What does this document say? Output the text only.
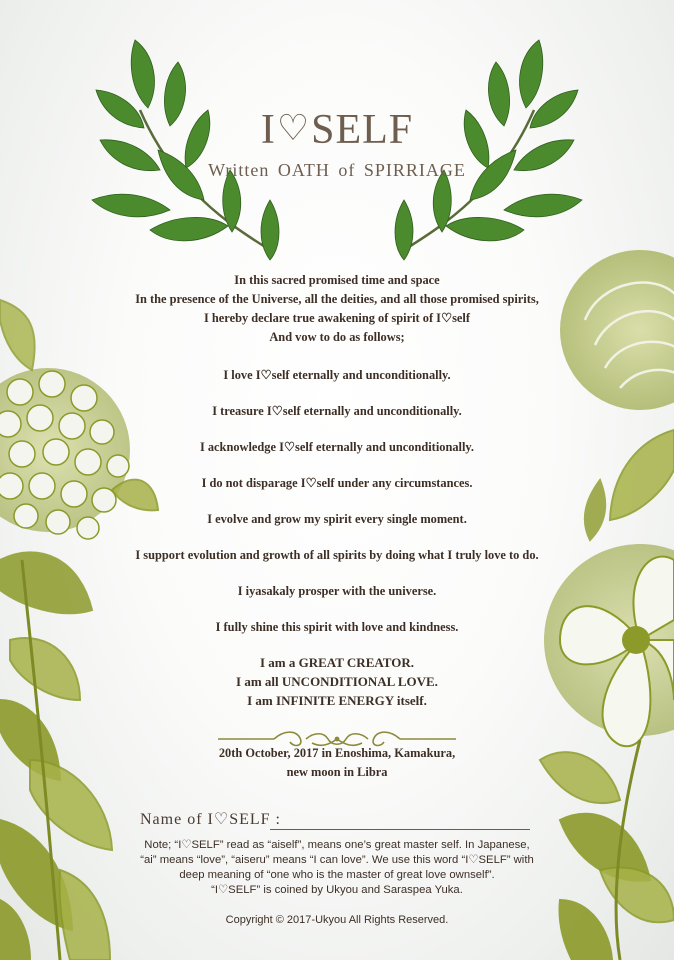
I♡SELF
Written OATH of SPIRRIAGE
In this sacred promised time and space
In the presence of the Universe, all the deities, and all those promised spirits,
I hereby declare true awakening of spirit of I♡self
And vow to do as follows;
I love I♡self eternally and unconditionally.
I treasure I♡self eternally and unconditionally.
I acknowledge I♡self eternally and unconditionally.
I do not disparage I♡self under any circumstances.
I evolve and grow my spirit every single moment.
I support evolution and growth of all spirits by doing what I truly love to do.
I iyasakaly prosper with the universe.
I fully shine this spirit with love and kindness.
I am a GREAT CREATOR.
I am all UNCONDITIONAL LOVE.
I am INFINITE ENERGY itself.
20th October, 2017 in Enoshima, Kamakura,
new moon in Libra
Name of I♡SELF :
Note; “I♡SELF” read as “aiself”, means one’s great master self. In Japanese,
“ai” means “love”, “aiseru” means “I can love”. We use this word “I♡SELF” with
deep meaning of “one who is the master of great love ownself”.
“I♡SELF” is coined by Ukyou and Saraspea Yuka.
Copyright © 2017-Ukyou All Rights Reserved.
